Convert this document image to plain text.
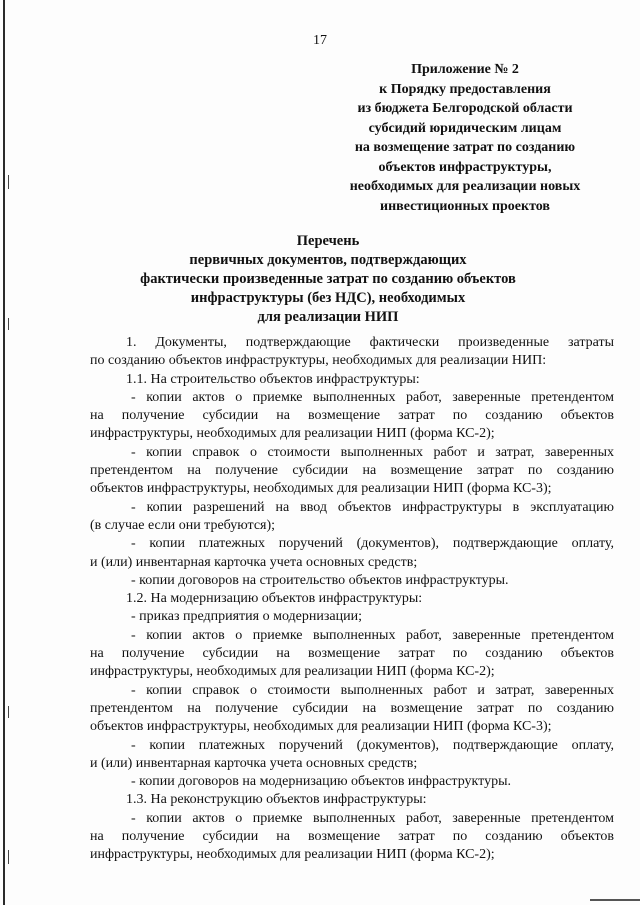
17
Приложение № 2
к Порядку предоставления
из бюджета Белгородской области
субсидий юридическим лицам
на возмещение затрат по созданию
объектов инфраструктуры,
необходимых для реализации новых
инвестиционных проектов
Перечень
первичных документов, подтверждающих
фактически произведенные затрат по созданию объектов
инфраструктуры (без НДС), необходимых
для реализации НИП
1. Документы, подтверждающие фактически произведенные затраты
по созданию объектов инфраструктуры, необходимых для реализации НИП:
1.1. На строительство объектов инфраструктуры:
- копии актов о приемке выполненных работ, заверенные претендентом
на получение субсидии на возмещение затрат по созданию объектов
инфраструктуры, необходимых для реализации НИП (форма КС-2);
- копии справок о стоимости выполненных работ и затрат, заверенных
претендентом на получение субсидии на возмещение затрат по созданию
объектов инфраструктуры, необходимых для реализации НИП (форма КС-3);
- копии разрешений на ввод объектов инфраструктуры в эксплуатацию
(в случае если они требуются);
- копии платежных поручений (документов), подтверждающие оплату,
и (или) инвентарная карточка учета основных средств;
- копии договоров на строительство объектов инфраструктуры.
1.2. На модернизацию объектов инфраструктуры:
- приказ предприятия о модернизации;
- копии актов о приемке выполненных работ, заверенные претендентом
на получение субсидии на возмещение затрат по созданию объектов
инфраструктуры, необходимых для реализации НИП (форма КС-2);
- копии справок о стоимости выполненных работ и затрат, заверенных
претендентом на получение субсидии на возмещение затрат по созданию
объектов инфраструктуры, необходимых для реализации НИП (форма КС-3);
- копии платежных поручений (документов), подтверждающие оплату,
и (или) инвентарная карточка учета основных средств;
- копии договоров на модернизацию объектов инфраструктуры.
1.3. На реконструкцию объектов инфраструктуры:
- копии актов о приемке выполненных работ, заверенные претендентом
на получение субсидии на возмещение затрат по созданию объектов
инфраструктуры, необходимых для реализации НИП (форма КС-2);
